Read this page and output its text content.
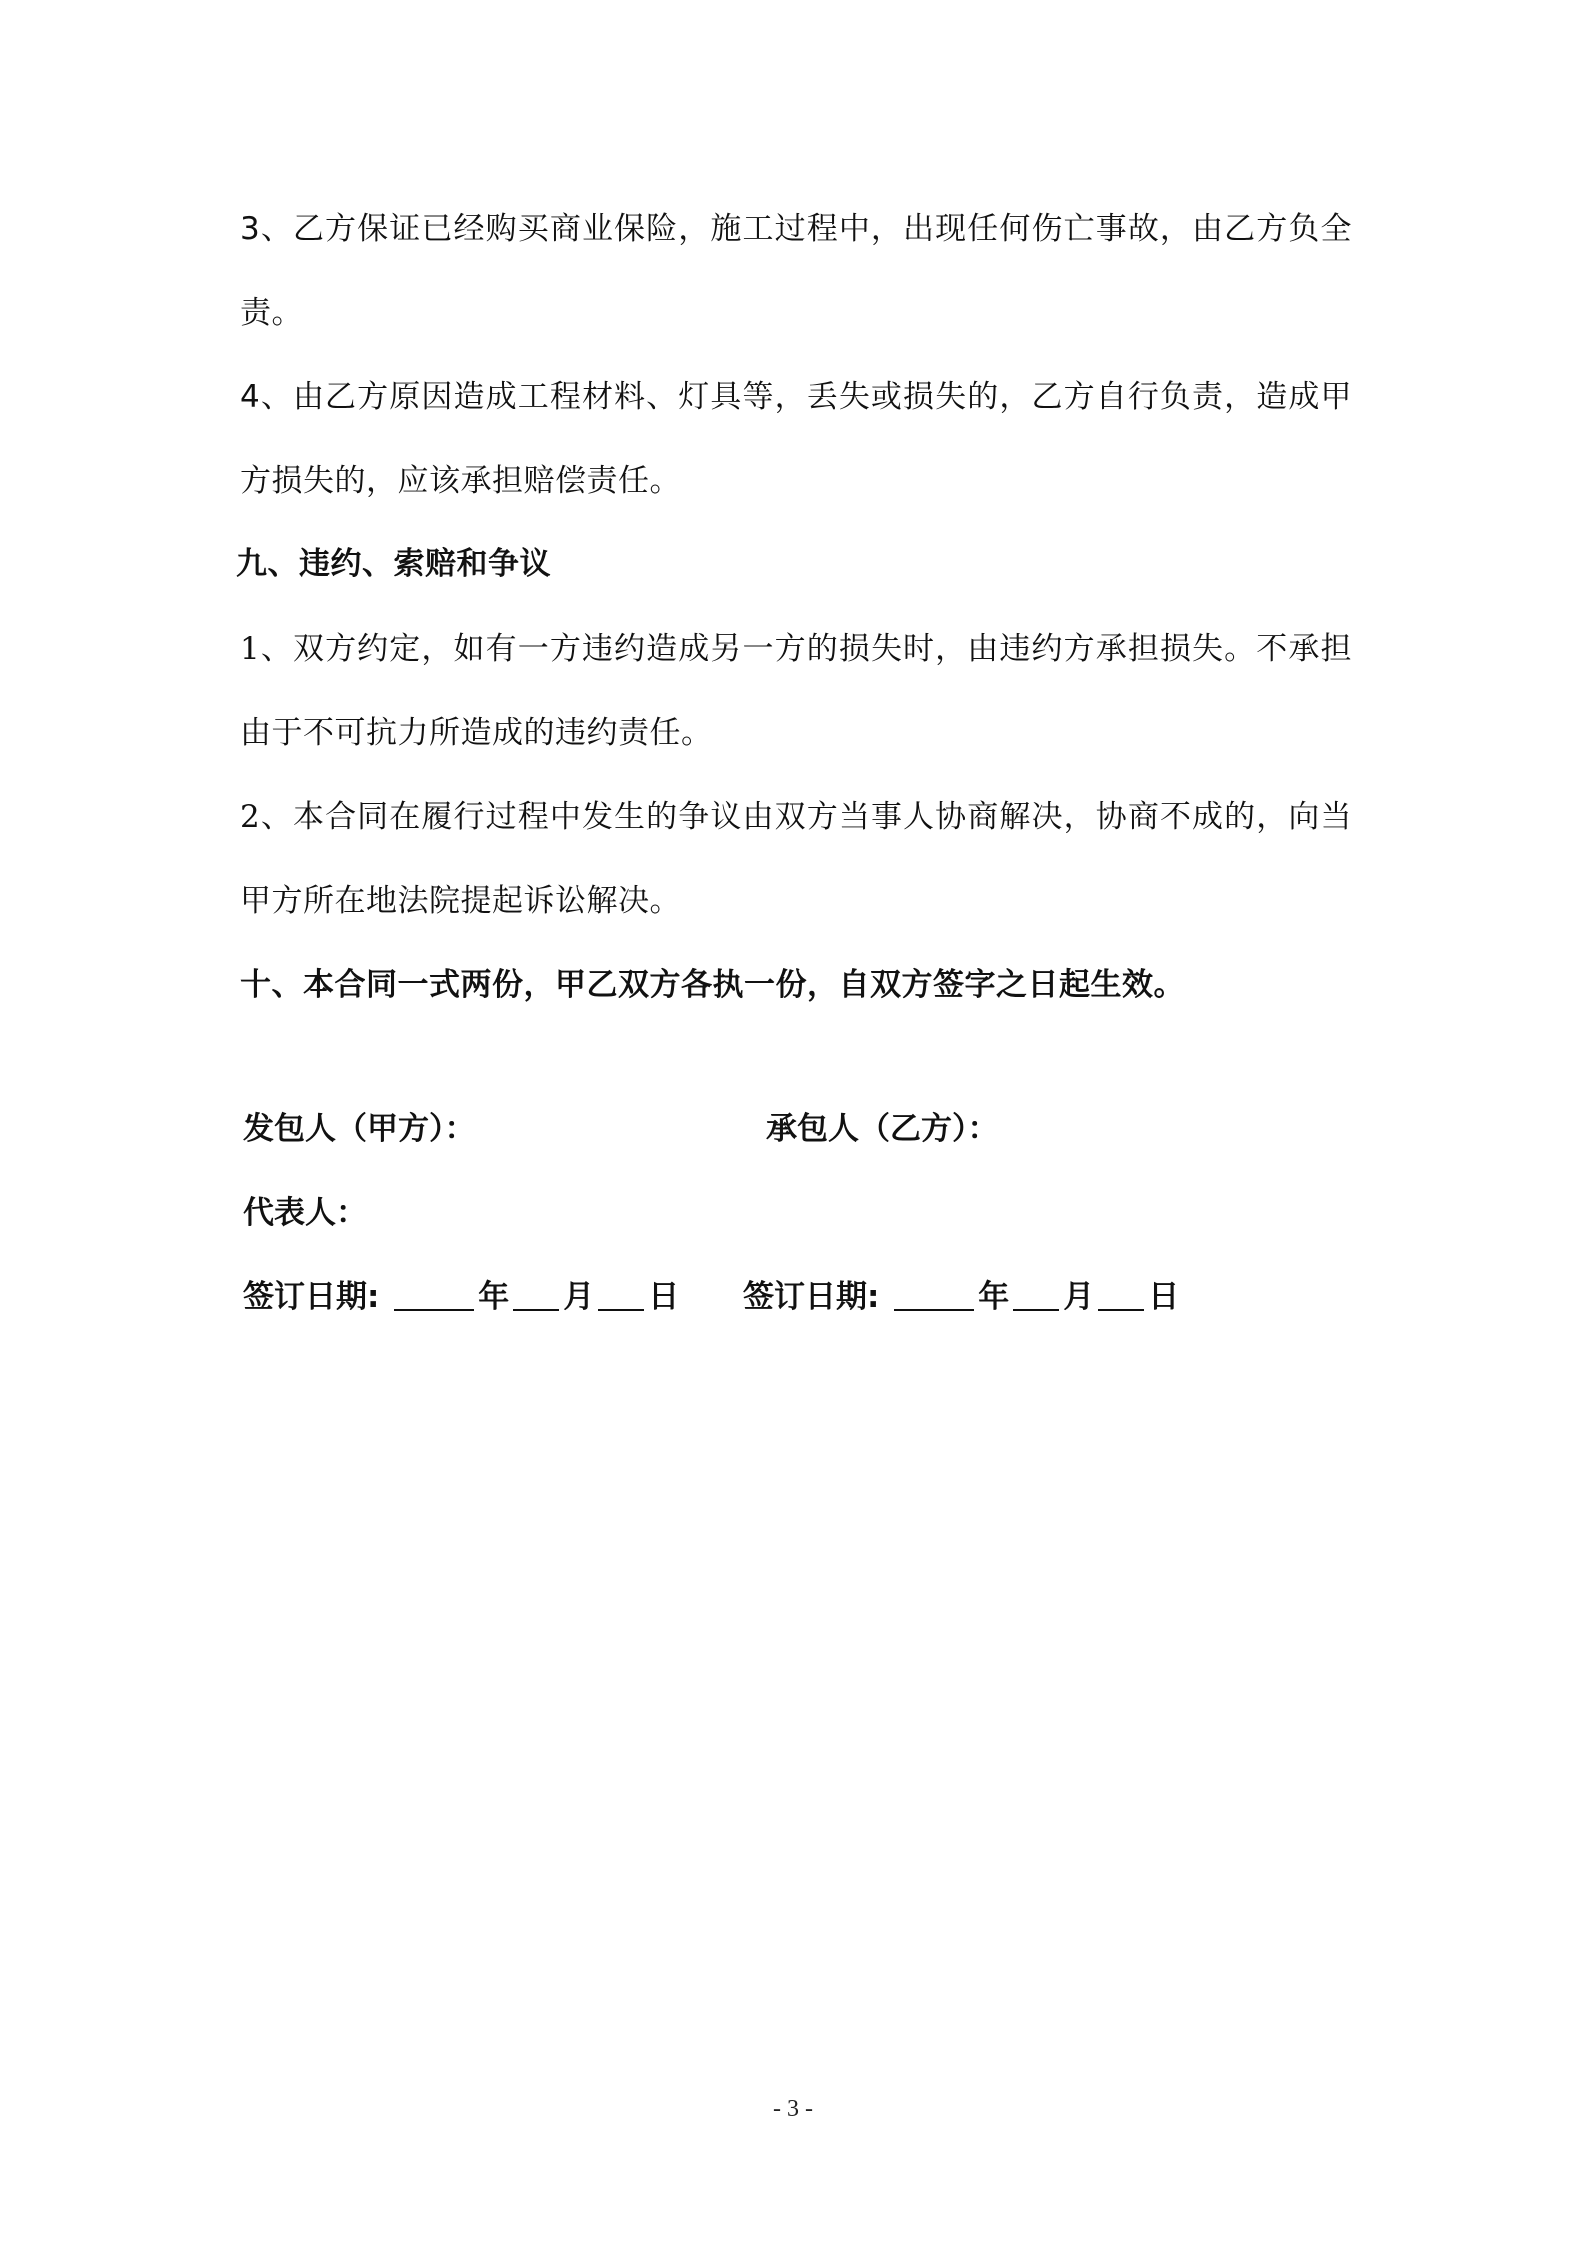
3、乙方保证已经购买商业保险，施工过程中，出现任何伤亡事故，由乙方负全
责。
4、由乙方原因造成工程材料、灯具等，丢失或损失的，乙方自行负责，造成甲
方损失的，应该承担赔偿责任。
九、违约、索赔和争议
1、双方约定，如有一方违约造成另一方的损失时，由违约方承担损失。不承担
由于不可抗力所造成的违约责任。
2、本合同在履行过程中发生的争议由双方当事人协商解决，协商不成的，向当
甲方所在地法院提起诉讼解决。
十、本合同一式两份，甲乙双方各执一份，自双方签字之日起生效。
发包人（甲方）：	承包人（乙方）：
代表人：
签订日期:	年 月 日 签订日期:	年 月 日
- 3 -
